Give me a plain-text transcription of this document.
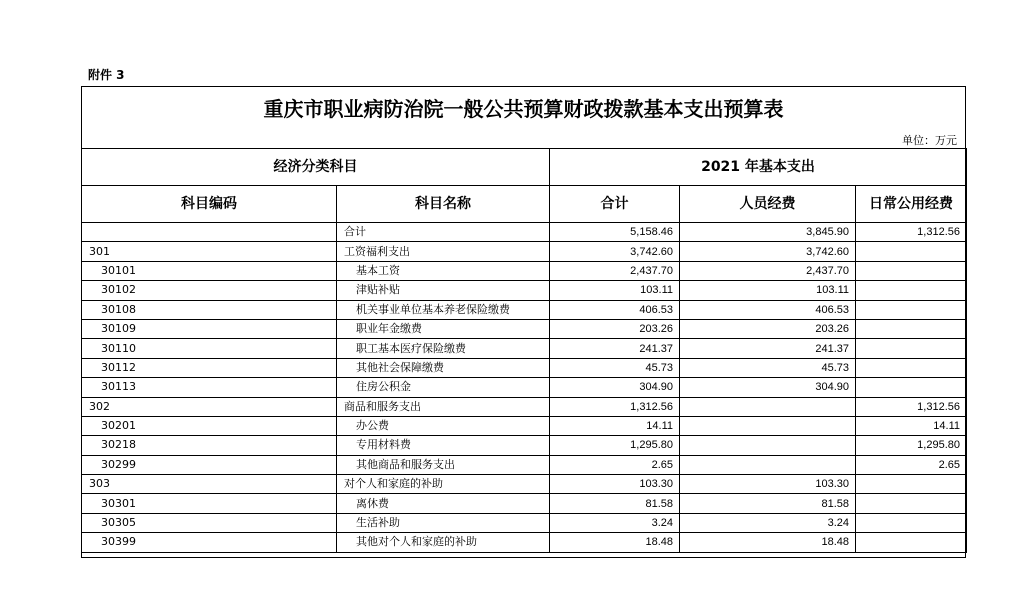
附件 3
重庆市职业病防治院一般公共预算财政拨款基本支出预算表
单位：万元
经济分类科目		2021 年基本支出		
科目编码	科目名称	合计	人员经费	日常公用经费
	合计	5,158.46	3,845.90	1,312.56
301	工资福利支出	3,742.60	3,742.60	
30101	基本工资	2,437.70	2,437.70	
30102	津贴补贴	103.11	103.11	
30108	机关事业单位基本养老保险缴费	406.53	406.53	
30109	职业年金缴费	203.26	203.26	
30110	职工基本医疗保险缴费	241.37	241.37	
30112	其他社会保障缴费	45.73	45.73	
30113	住房公积金	304.90	304.90	
302	商品和服务支出	1,312.56		1,312.56
30201	办公费	14.11		14.11
30218	专用材料费	1,295.80		1,295.80
30299	其他商品和服务支出	2.65		2.65
303	对个人和家庭的补助	103.30	103.30	
30301	离休费	81.58	81.58	
30305	生活补助	3.24	3.24	
30399	其他对个人和家庭的补助	18.48	18.48	
